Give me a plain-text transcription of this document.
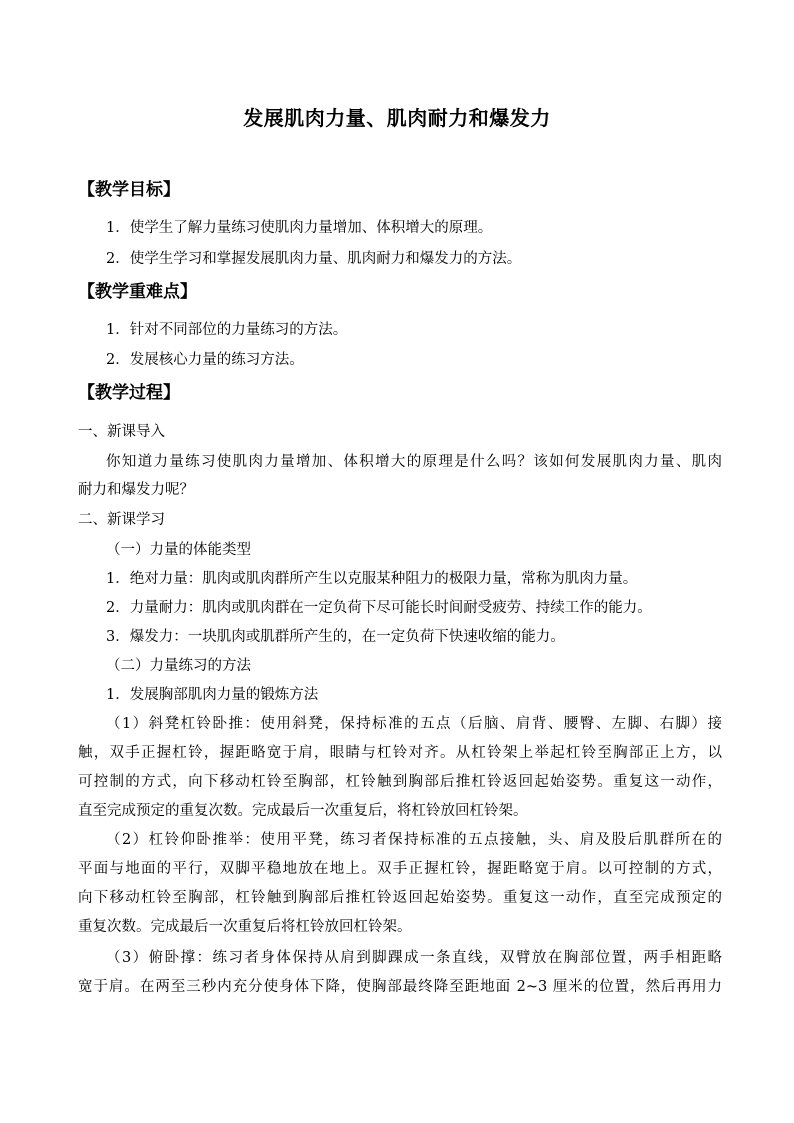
发展肌肉力量、肌肉耐力和爆发力
【教学目标】
1．使学生了解力量练习使肌肉力量增加、体积增大的原理。
2．使学生学习和掌握发展肌肉力量、肌肉耐力和爆发力的方法。
【教学重难点】
1．针对不同部位的力量练习的方法。
2．发展核心力量的练习方法。
【教学过程】
一、新课导入
你知道力量练习使肌肉力量增加、体积增大的原理是什么吗？该如何发展肌肉力量、肌肉
耐力和爆发力呢？
二、新课学习
（一）力量的体能类型
1．绝对力量：肌肉或肌肉群所产生以克服某种阻力的极限力量，常称为肌肉力量。
2．力量耐力：肌肉或肌肉群在一定负荷下尽可能长时间耐受疲劳、持续工作的能力。
3．爆发力：一块肌肉或肌群所产生的，在一定负荷下快速收缩的能力。
（二）力量练习的方法
1．发展胸部肌肉力量的锻炼方法
（1）斜凳杠铃卧推：使用斜凳，保持标准的五点（后脑、肩背、腰臀、左脚、右脚）接
触，双手正握杠铃，握距略宽于肩，眼睛与杠铃对齐。从杠铃架上举起杠铃至胸部正上方，以
可控制的方式，向下移动杠铃至胸部，杠铃触到胸部后推杠铃返回起始姿势。重复这一动作，
直至完成预定的重复次数。完成最后一次重复后，将杠铃放回杠铃架。
（2）杠铃仰卧推举：使用平凳，练习者保持标准的五点接触，头、肩及股后肌群所在的
平面与地面的平行，双脚平稳地放在地上。双手正握杠铃，握距略宽于肩。以可控制的方式，
向下移动杠铃至胸部，杠铃触到胸部后推杠铃返回起始姿势。重复这一动作，直至完成预定的
重复次数。完成最后一次重复后将杠铃放回杠铃架。
（3）俯卧撑：练习者身体保持从肩到脚踝成一条直线，双臂放在胸部位置，两手相距略
宽于肩。在两至三秒内充分使身体下降，使胸部最终降至距地面 2~3 厘米的位置，然后再用力
